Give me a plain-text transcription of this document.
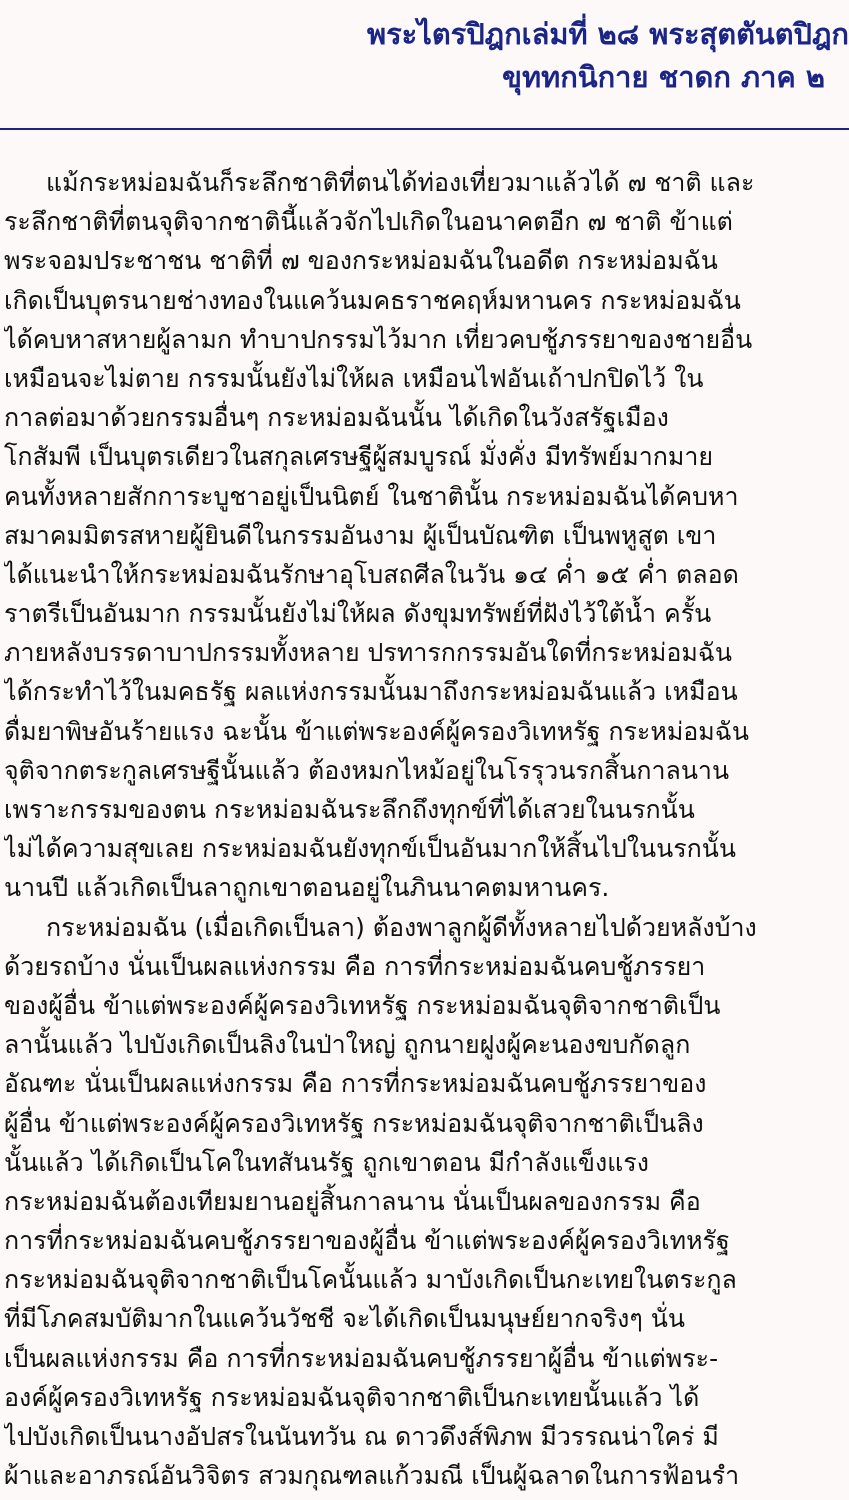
พระไตรปิฎกเล่มที่ ๒๘ พระสุตตันตปิฎก
ขุททกนิกาย ชาดก ภาค ๒
แม้กระหม่อมฉันก็ระลึกชาติที่ตนได้ท่องเที่ยวมาแล้วได้ ๗ ชาติ และ
ระลึกชาติที่ตนจุติจากชาตินี้แล้วจักไปเกิดในอนาคตอีก ๗ ชาติ ข้าแต่
พระจอมประชาชน ชาติที่ ๗ ของกระหม่อมฉันในอดีต กระหม่อมฉัน
เกิดเป็นบุตรนายช่างทองในแคว้นมคธราชคฤห์มหานคร กระหม่อมฉัน
ได้คบหาสหายผู้ลามก ทำบาปกรรมไว้มาก เที่ยวคบชู้ภรรยาของชายอื่น
เหมือนจะไม่ตาย กรรมนั้นยังไม่ให้ผล เหมือนไฟอันเถ้าปกปิดไว้ ใน
กาลต่อมาด้วยกรรมอื่นๆ กระหม่อมฉันนั้น ได้เกิดในวังสรัฐเมือง
โกสัมพี เป็นบุตรเดียวในสกุลเศรษฐีผู้สมบูรณ์ มั่งคั่ง มีทรัพย์มากมาย
คนทั้งหลายสักการะบูชาอยู่เป็นนิตย์ ในชาตินั้น กระหม่อมฉันได้คบหา
สมาคมมิตรสหายผู้ยินดีในกรรมอันงาม ผู้เป็นบัณฑิต เป็นพหูสูต เขา
ได้แนะนำให้กระหม่อมฉันรักษาอุโบสถศีลในวัน ๑๔ ค่ำ ๑๕ ค่ำ ตลอด
ราตรีเป็นอันมาก กรรมนั้นยังไม่ให้ผล ดังขุมทรัพย์ที่ฝังไว้ใต้น้ำ ครั้น
ภายหลังบรรดาบาปกรรมทั้งหลาย ปรทารกกรรมอันใดที่กระหม่อมฉัน
ได้กระทำไว้ในมคธรัฐ ผลแห่งกรรมนั้นมาถึงกระหม่อมฉันแล้ว เหมือน
ดื่มยาพิษอันร้ายแรง ฉะนั้น ข้าแต่พระองค์ผู้ครองวิเทหรัฐ กระหม่อมฉัน
จุติจากตระกูลเศรษฐีนั้นแล้ว ต้องหมกไหม้อยู่ในโรรุวนรกสิ้นกาลนาน
เพราะกรรมของตน กระหม่อมฉันระลึกถึงทุกข์ที่ได้เสวยในนรกนั้น
ไม่ได้ความสุขเลย กระหม่อมฉันยังทุกข์เป็นอันมากให้สิ้นไปในนรกนั้น
นานปี แล้วเกิดเป็นลาถูกเขาตอนอยู่ในภินนาคตมหานคร.
กระหม่อมฉัน (เมื่อเกิดเป็นลา) ต้องพาลูกผู้ดีทั้งหลายไปด้วยหลังบ้าง
ด้วยรถบ้าง นั่นเป็นผลแห่งกรรม คือ การที่กระหม่อมฉันคบชู้ภรรยา
ของผู้อื่น ข้าแต่พระองค์ผู้ครองวิเทหรัฐ กระหม่อมฉันจุติจากชาติเป็น
ลานั้นแล้ว ไปบังเกิดเป็นลิงในป่าใหญ่ ถูกนายฝูงผู้คะนองขบกัดลูก
อัณฑะ นั่นเป็นผลแห่งกรรม คือ การที่กระหม่อมฉันคบชู้ภรรยาของ
ผู้อื่น ข้าแต่พระองค์ผู้ครองวิเทหรัฐ กระหม่อมฉันจุติจากชาติเป็นลิง
นั้นแล้ว ได้เกิดเป็นโคในทสันนรัฐ ถูกเขาตอน มีกำลังแข็งแรง
กระหม่อมฉันต้องเทียมยานอยู่สิ้นกาลนาน นั่นเป็นผลของกรรม คือ
การที่กระหม่อมฉันคบชู้ภรรยาของผู้อื่น ข้าแต่พระองค์ผู้ครองวิเทหรัฐ
กระหม่อมฉันจุติจากชาติเป็นโคนั้นแล้ว มาบังเกิดเป็นกะเทยในตระกูล
ที่มีโภคสมบัติมากในแคว้นวัชชี จะได้เกิดเป็นมนุษย์ยากจริงๆ นั่น
เป็นผลแห่งกรรม คือ การที่กระหม่อมฉันคบชู้ภรรยาผู้อื่น ข้าแต่พระ-
องค์ผู้ครองวิเทหรัฐ กระหม่อมฉันจุติจากชาติเป็นกะเทยนั้นแล้ว ได้
ไปบังเกิดเป็นนางอัปสรในนันทวัน ณ ดาวดึงส์พิภพ มีวรรณน่าใคร่ มี
ผ้าและอาภรณ์อันวิจิตร สวมกุณฑลแก้วมณี เป็นผู้ฉลาดในการฟ้อนรำ
